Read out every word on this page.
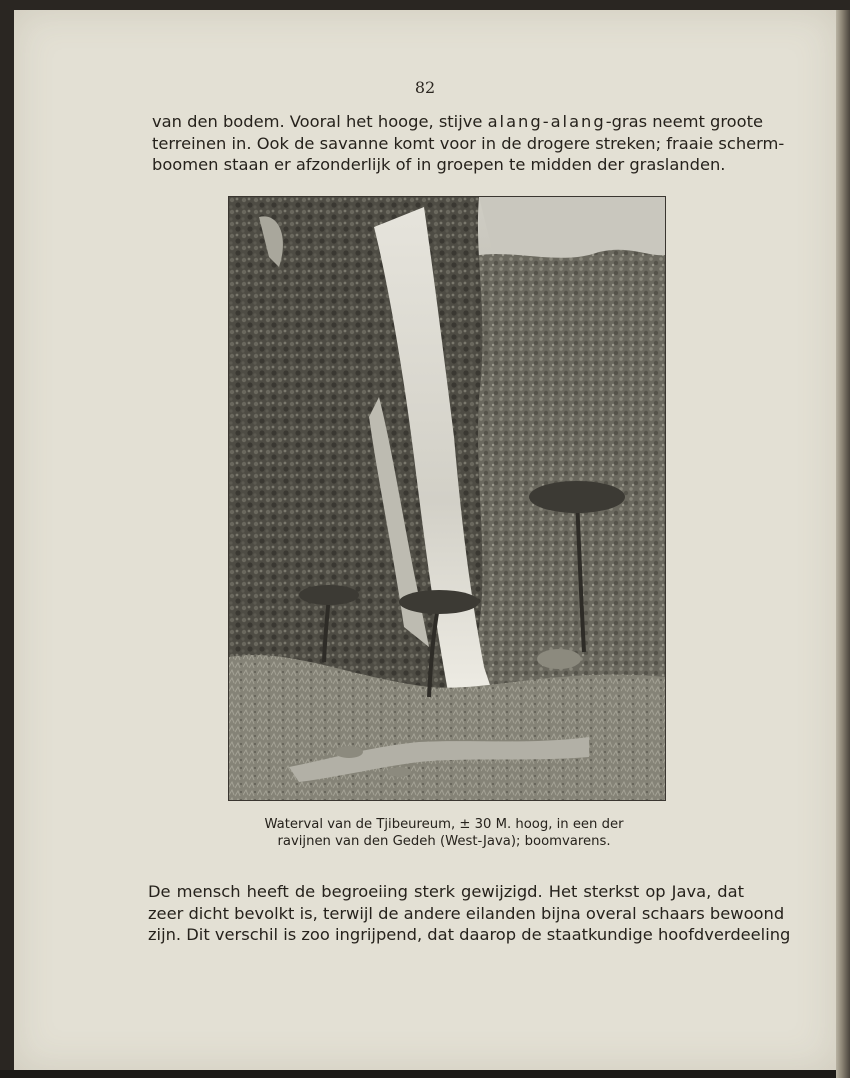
82
van den bodem. Vooral het hooge, stijve alang-alang-gras neemt groote
terreinen in. Ook de savanne komt voor in de drogere streken; fraaie scherm-
boomen staan er afzonderlijk of in groepen te midden der graslanden.
Waterval van de Tjibeureum, ± 30 M. hoog, in een der
ravijnen van den Gedeh (West-Java); boomvarens.
De mensch heeft de begroeiing sterk gewijzigd. Het sterkst op Java, dat
zeer dicht bevolkt is, terwijl de andere eilanden bijna overal schaars bewoond
zijn. Dit verschil is zoo ingrijpend, dat daarop de staatkundige hoofdverdeeling
